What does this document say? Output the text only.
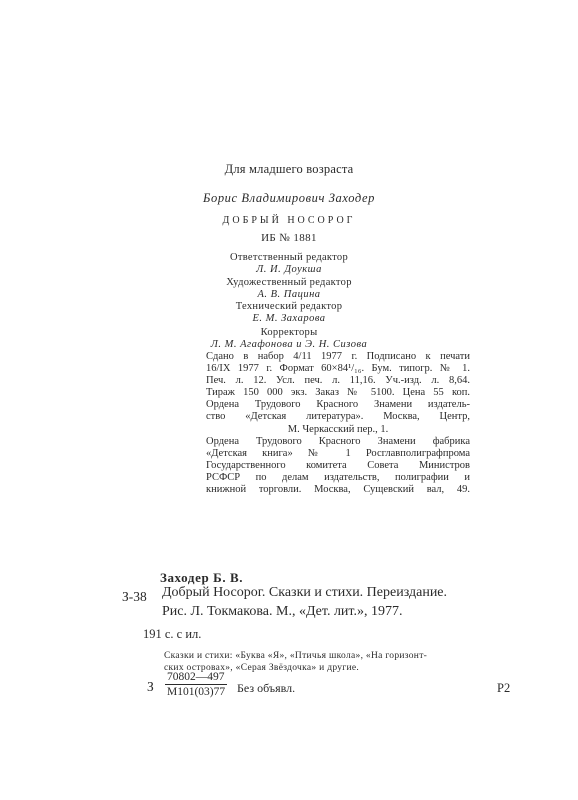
Для младшего возраста
Борис Владимирович Заходер
ДОБРЫЙ НОСОРОГ
ИБ № 1881
Ответственный редактор
Л. И. Доукша
Художественный редактор
А. В. Пацина
Технический редактор
Е. М. Захарова
Корректоры
Л. М. Агафонова и Э. Н. Сизова

Сдано в набор 4/11 1977 г. Подписано к печати

16/IX 1977 г. Формат 60×84¹/₁₆. Бум. типогр. № 1.

Печ. л. 12. Усл. печ. л. 11,16. Уч.-изд. л. 8,64.

Тираж 150 000 экз. Заказ № 5100. Цена 55 коп.

Ордена Трудового Красного Знамени издатель-

ство «Детская литература». Москва, Центр,

М. Черкасский пер., 1.

Ордена Трудового Красного Знамени фабрика

«Детская книга» № 1 Росглавполиграфпрома

Государственного комитета Совета Министров

РСФСР по делам издательств, полиграфии и

книжной торговли. Москва, Сущевский вал, 49.

Заходер Б. В.
З-38 Добрый Носорог. Сказки и стихи. Переиздание.

Рис. Л. Токмакова. М., «Дет. лит.», 1977.

191 с. с ил.

Сказки и стихи: «Буква «Я», «Птичья школа», «На горизонт-

ских островах», «Серая Звёздочка» и другие.

З
70802—497
М101(03)77 Без объявл.	Р2
